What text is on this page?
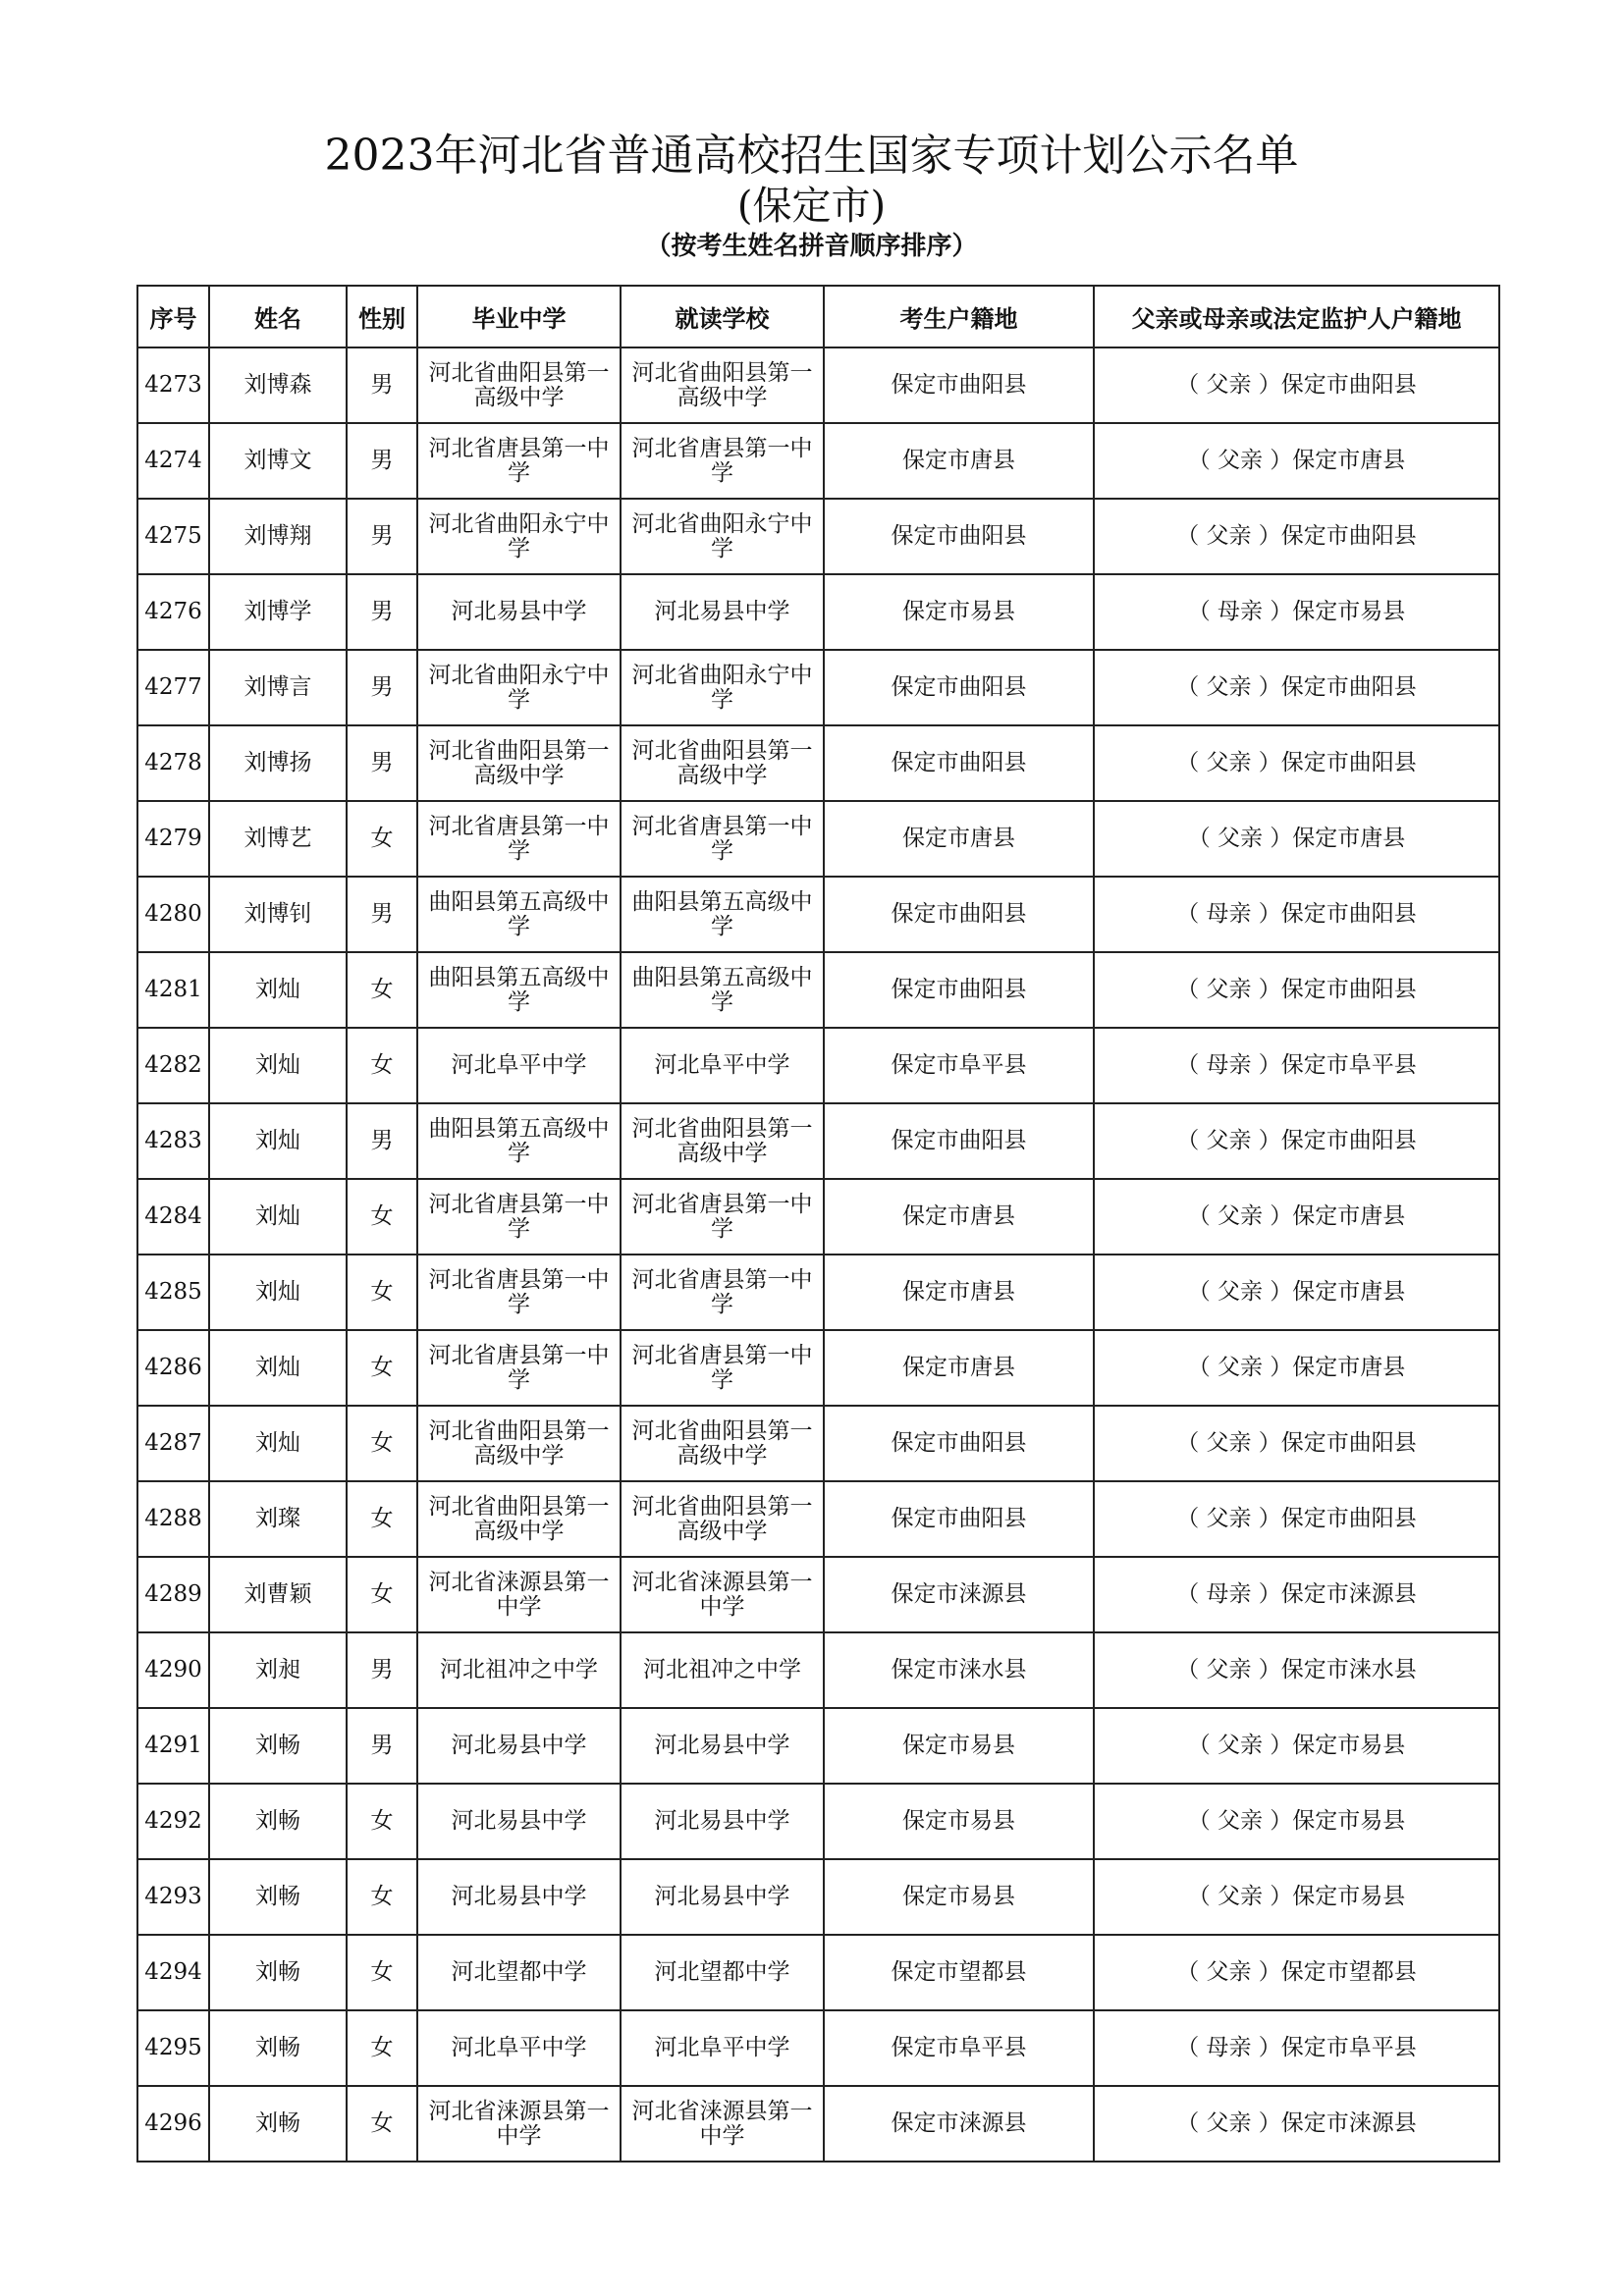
2023年河北省普通高校招生国家专项计划公示名单
(保定市)
（按考生姓名拼音顺序排序）
序号	姓名	性别	毕业中学	就读学校	考生户籍地	父亲或母亲或法定监护人户籍地

4273	刘博森	男	河北省曲阳县第一高级中学	河北省曲阳县第一高级中学	保定市曲阳县	（ 父亲 ）保定市曲阳县

4274	刘博文	男	河北省唐县第一中学	河北省唐县第一中学	保定市唐县	（ 父亲 ）保定市唐县

4275	刘博翔	男	河北省曲阳永宁中学	河北省曲阳永宁中学	保定市曲阳县	（ 父亲 ）保定市曲阳县

4276	刘博学	男	河北易县中学	河北易县中学	保定市易县	（ 母亲 ）保定市易县

4277	刘博言	男	河北省曲阳永宁中学	河北省曲阳永宁中学	保定市曲阳县	（ 父亲 ）保定市曲阳县

4278	刘博扬	男	河北省曲阳县第一高级中学	河北省曲阳县第一高级中学	保定市曲阳县	（ 父亲 ）保定市曲阳县

4279	刘博艺	女	河北省唐县第一中学	河北省唐县第一中学	保定市唐县	（ 父亲 ）保定市唐县

4280	刘博钊	男	曲阳县第五高级中学	曲阳县第五高级中学	保定市曲阳县	（ 母亲 ）保定市曲阳县

4281	刘灿	女	曲阳县第五高级中学	曲阳县第五高级中学	保定市曲阳县	（ 父亲 ）保定市曲阳县

4282	刘灿	女	河北阜平中学	河北阜平中学	保定市阜平县	（ 母亲 ）保定市阜平县

4283	刘灿	男	曲阳县第五高级中学	河北省曲阳县第一高级中学	保定市曲阳县	（ 父亲 ）保定市曲阳县

4284	刘灿	女	河北省唐县第一中学	河北省唐县第一中学	保定市唐县	（ 父亲 ）保定市唐县

4285	刘灿	女	河北省唐县第一中学	河北省唐县第一中学	保定市唐县	（ 父亲 ）保定市唐县

4286	刘灿	女	河北省唐县第一中学	河北省唐县第一中学	保定市唐县	（ 父亲 ）保定市唐县

4287	刘灿	女	河北省曲阳县第一高级中学	河北省曲阳县第一高级中学	保定市曲阳县	（ 父亲 ）保定市曲阳县

4288	刘璨	女	河北省曲阳县第一高级中学	河北省曲阳县第一高级中学	保定市曲阳县	（ 父亲 ）保定市曲阳县

4289	刘曹颖	女	河北省涞源县第一中学	河北省涞源县第一中学	保定市涞源县	（ 母亲 ）保定市涞源县

4290	刘昶	男	河北祖冲之中学	河北祖冲之中学	保定市涞水县	（ 父亲 ）保定市涞水县

4291	刘畅	男	河北易县中学	河北易县中学	保定市易县	（ 父亲 ）保定市易县

4292	刘畅	女	河北易县中学	河北易县中学	保定市易县	（ 父亲 ）保定市易县

4293	刘畅	女	河北易县中学	河北易县中学	保定市易县	（ 父亲 ）保定市易县

4294	刘畅	女	河北望都中学	河北望都中学	保定市望都县	（ 父亲 ）保定市望都县

4295	刘畅	女	河北阜平中学	河北阜平中学	保定市阜平县	（ 母亲 ）保定市阜平县

4296	刘畅	女	河北省涞源县第一中学	河北省涞源县第一中学	保定市涞源县	（ 父亲 ）保定市涞源县
